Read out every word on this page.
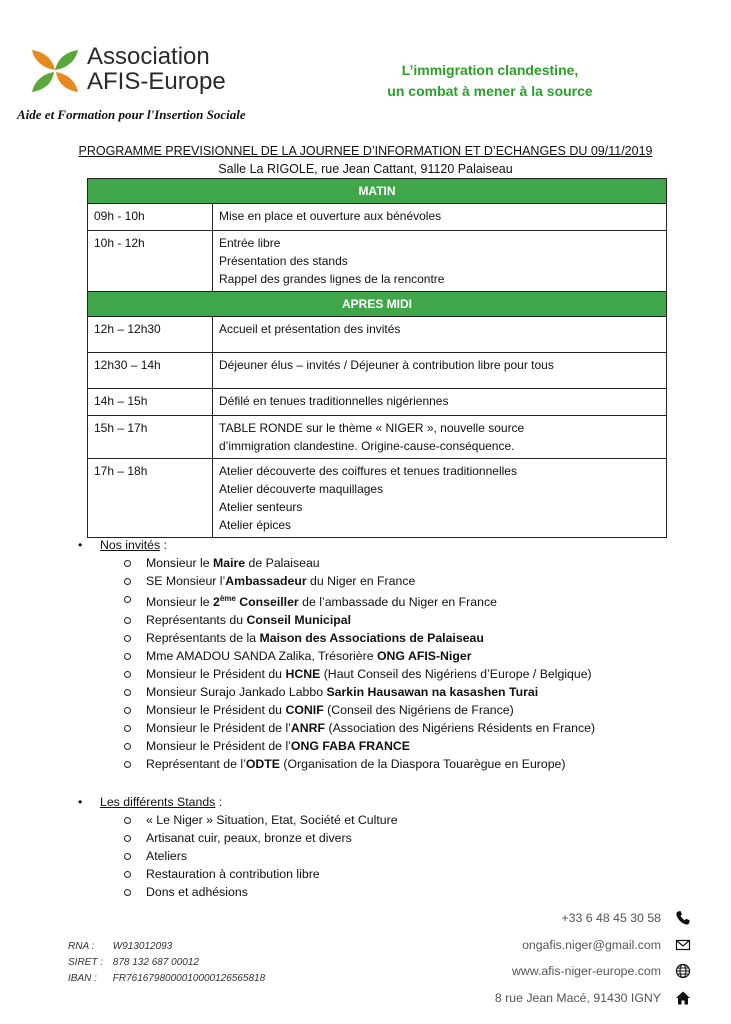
Association
AFIS-Europe
Aide et Formation pour l'Insertion Sociale
L’immigration clandestine,
un combat à mener à la source
PROGRAMME PREVISIONNEL DE LA JOURNEE D’INFORMATION ET D’ECHANGES DU 09/11/2019
Salle La RIGOLE, rue Jean Cattant, 91120 Palaiseau
MATIN	
09h - 10h	Mise en place et ouverture aux bénévoles

10h - 12h	Entrée libre
Présentation des stands
Rappel des grandes lignes de la rencontre

APRES MIDI	
12h – 12h30	Accueil et présentation des invités

12h30 – 14h	Déjeuner élus – invités / Déjeuner à contribution libre pour tous

14h – 15h	Défilé en tenues traditionnelles nigériennes

15h – 17h	TABLE RONDE sur le thème « NIGER », nouvelle source
d’immigration clandestine. Origine-cause-conséquence.

17h – 18h	Atelier découverte des coiffures et tenues traditionnelles
Atelier découverte maquillages
Atelier senteurs
Atelier épices
• Nos invités :
Monsieur le Maire de Palaiseau
SE Monsieur l’Ambassadeur du Niger en France
Monsieur le 2ème Conseiller de l’ambassade du Niger en France
Représentants du Conseil Municipal
Représentants de la Maison des Associations de Palaiseau
Mme AMADOU SANDA Zalika, Trésorière ONG AFIS-Niger
Monsieur le Président du HCNE (Haut Conseil des Nigériens d’Europe / Belgique)
Monsieur Surajo Jankado Labbo Sarkin Hausawan na kasashen Turai
Monsieur le Président du CONIF (Conseil des Nigériens de France)
Monsieur le Président de l’ANRF (Association des Nigériens Résidents en France)
Monsieur le Président de l’ONG FABA FRANCE
Représentant de l’ODTE (Organisation de la Diaspora Touarègue en Europe)
• Les différents Stands :
« Le Niger » Situation, Etat, Société et Culture
Artisanat cuir, peaux, bronze et divers
Ateliers
Restauration à contribution libre
Dons et adhésions
RNA : W913012093
SIRET : 878 132 687 00012
IBAN : FR7616798000010000126565818
+33 6 48 45 30 58
ongafis.niger@gmail.com
www.afis-niger-europe.com
8 rue Jean Macé, 91430 IGNY
